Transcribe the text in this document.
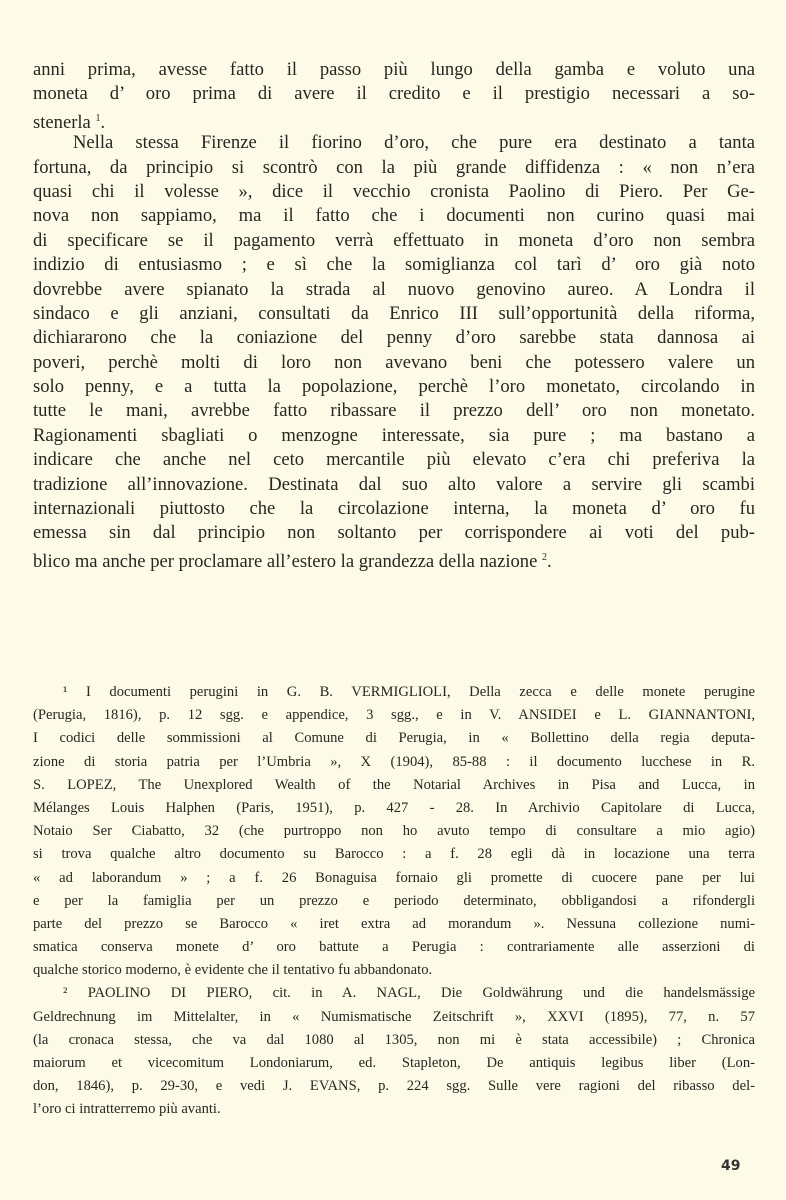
anni prima, avesse fatto il passo più lungo della gamba e voluto una
moneta d’ oro prima di avere il credito e il prestigio necessari a so-
stenerla $^1$.
Nella stessa Firenze il fiorino d’oro, che pure era destinato a tanta
fortuna, da principio si scontrò con la più grande diffidenza : « non n’era
quasi chi il volesse », dice il vecchio cronista Paolino di Piero. Per Ge-
nova non sappiamo, ma il fatto che i documenti non curino quasi mai
di specificare se il pagamento verrà effettuato in moneta d’oro non sembra
indizio di entusiasmo ; e sì che la somiglianza col tarì d’ oro già noto
dovrebbe avere spianato la strada al nuovo genovino aureo. A Londra il
sindaco e gli anziani, consultati da Enrico III sull’opportunità della riforma,
dichiararono che la coniazione del penny d’oro sarebbe stata dannosa ai
poveri, perchè molti di loro non avevano beni che potessero valere un
solo penny, e a tutta la popolazione, perchè l’oro monetato, circolando in
tutte le mani, avrebbe fatto ribassare il prezzo dell’ oro non monetato.
Ragionamenti sbagliati o menzogne interessate, sia pure ; ma bastano a
indicare che anche nel ceto mercantile più elevato c’era chi preferiva la
tradizione all’innovazione. Destinata dal suo alto valore a servire gli scambi
internazionali piuttosto che la circolazione interna, la moneta d’ oro fu
emessa sin dal principio non soltanto per corrispondere ai voti del pub-
blico ma anche per proclamare all’estero la grandezza della nazione $^2$.
¹ I documenti perugini in G. B. VERMIGLIOLI, Della zecca e delle monete perugine
(Perugia, 1816), p. 12 sgg. e appendice, 3 sgg., e in V. ANSIDEI e L. GIANNANTONI,
I codici delle sommissioni al Comune di Perugia, in « Bollettino della regia deputa-
zione di storia patria per l’Umbria », X (1904), 85-88 : il documento lucchese in R.
S. LOPEZ, The Unexplored Wealth of the Notarial Archives in Pisa and Lucca, in
Mélanges Louis Halphen (Paris, 1951), p. 427 - 28. In Archivio Capitolare di Lucca,
Notaio Ser Ciabatto, 32 (che purtroppo non ho avuto tempo di consultare a mio agio)
si trova qualche altro documento su Barocco : a f. 28 egli dà in locazione una terra
« ad laborandum » ; a f. 26 Bonaguisa fornaio gli promette di cuocere pane per lui
e per la famiglia per un prezzo e periodo determinato, obbligandosi a rifondergli
parte del prezzo se Barocco « iret extra ad morandum ». Nessuna collezione numi-
smatica conserva monete d’ oro battute a Perugia : contrariamente alle asserzioni di
qualche storico moderno, è evidente che il tentativo fu abbandonato.
² PAOLINO DI PIERO, cit. in A. NAGL, Die Goldwährung und die handelsmässige
Geldrechnung im Mittelalter, in « Numismatische Zeitschrift », XXVI (1895), 77, n. 57
(la cronaca stessa, che va dal 1080 al 1305, non mi è stata accessibile) ; Chronica
maiorum et vicecomitum Londoniarum, ed. Stapleton, De antiquis legibus liber (Lon-
don, 1846), p. 29-30, e vedi J. EVANS, p. 224 sgg. Sulle vere ragioni del ribasso del-
l’oro ci intratterremo più avanti.
49
